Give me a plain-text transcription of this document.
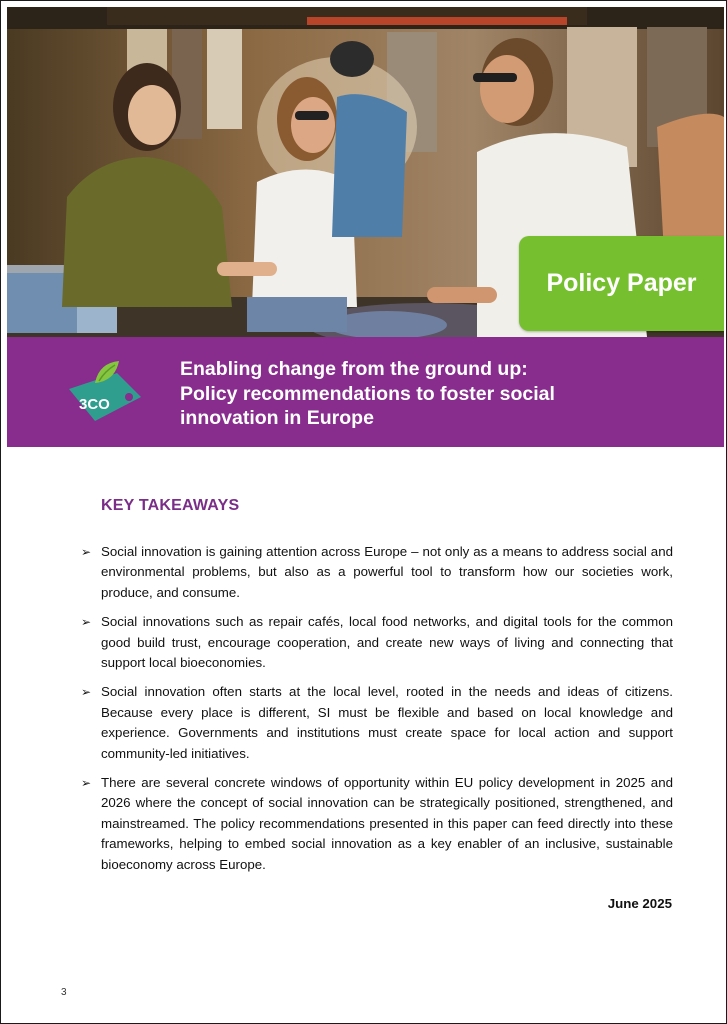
Policy Paper
3CO
Enabling change from the ground up:
Policy recommendations to foster social
innovation in Europe
KEY TAKEAWAYS
➢ Social innovation is gaining attention across Europe – not only as a means to address social and environmental problems, but also as a powerful tool to transform how our societies work, produce, and consume.
➢ Social innovations such as repair cafés, local food networks, and digital tools for the common good build trust, encourage cooperation, and create new ways of living and connecting that support local bioeconomies.
➢ Social innovation often starts at the local level, rooted in the needs and ideas of citizens. Because every place is different, SI must be flexible and based on local knowledge and experience. Governments and institutions must create space for local action and support community-led initiatives.
➢ There are several concrete windows of opportunity within EU policy development in 2025 and 2026 where the concept of social innovation can be strategically positioned, strengthened, and mainstreamed. The policy recommendations presented in this paper can feed directly into these frameworks, helping to embed social innovation as a key enabler of an inclusive, sustainable bioeconomy across Europe.
June 2025
3
